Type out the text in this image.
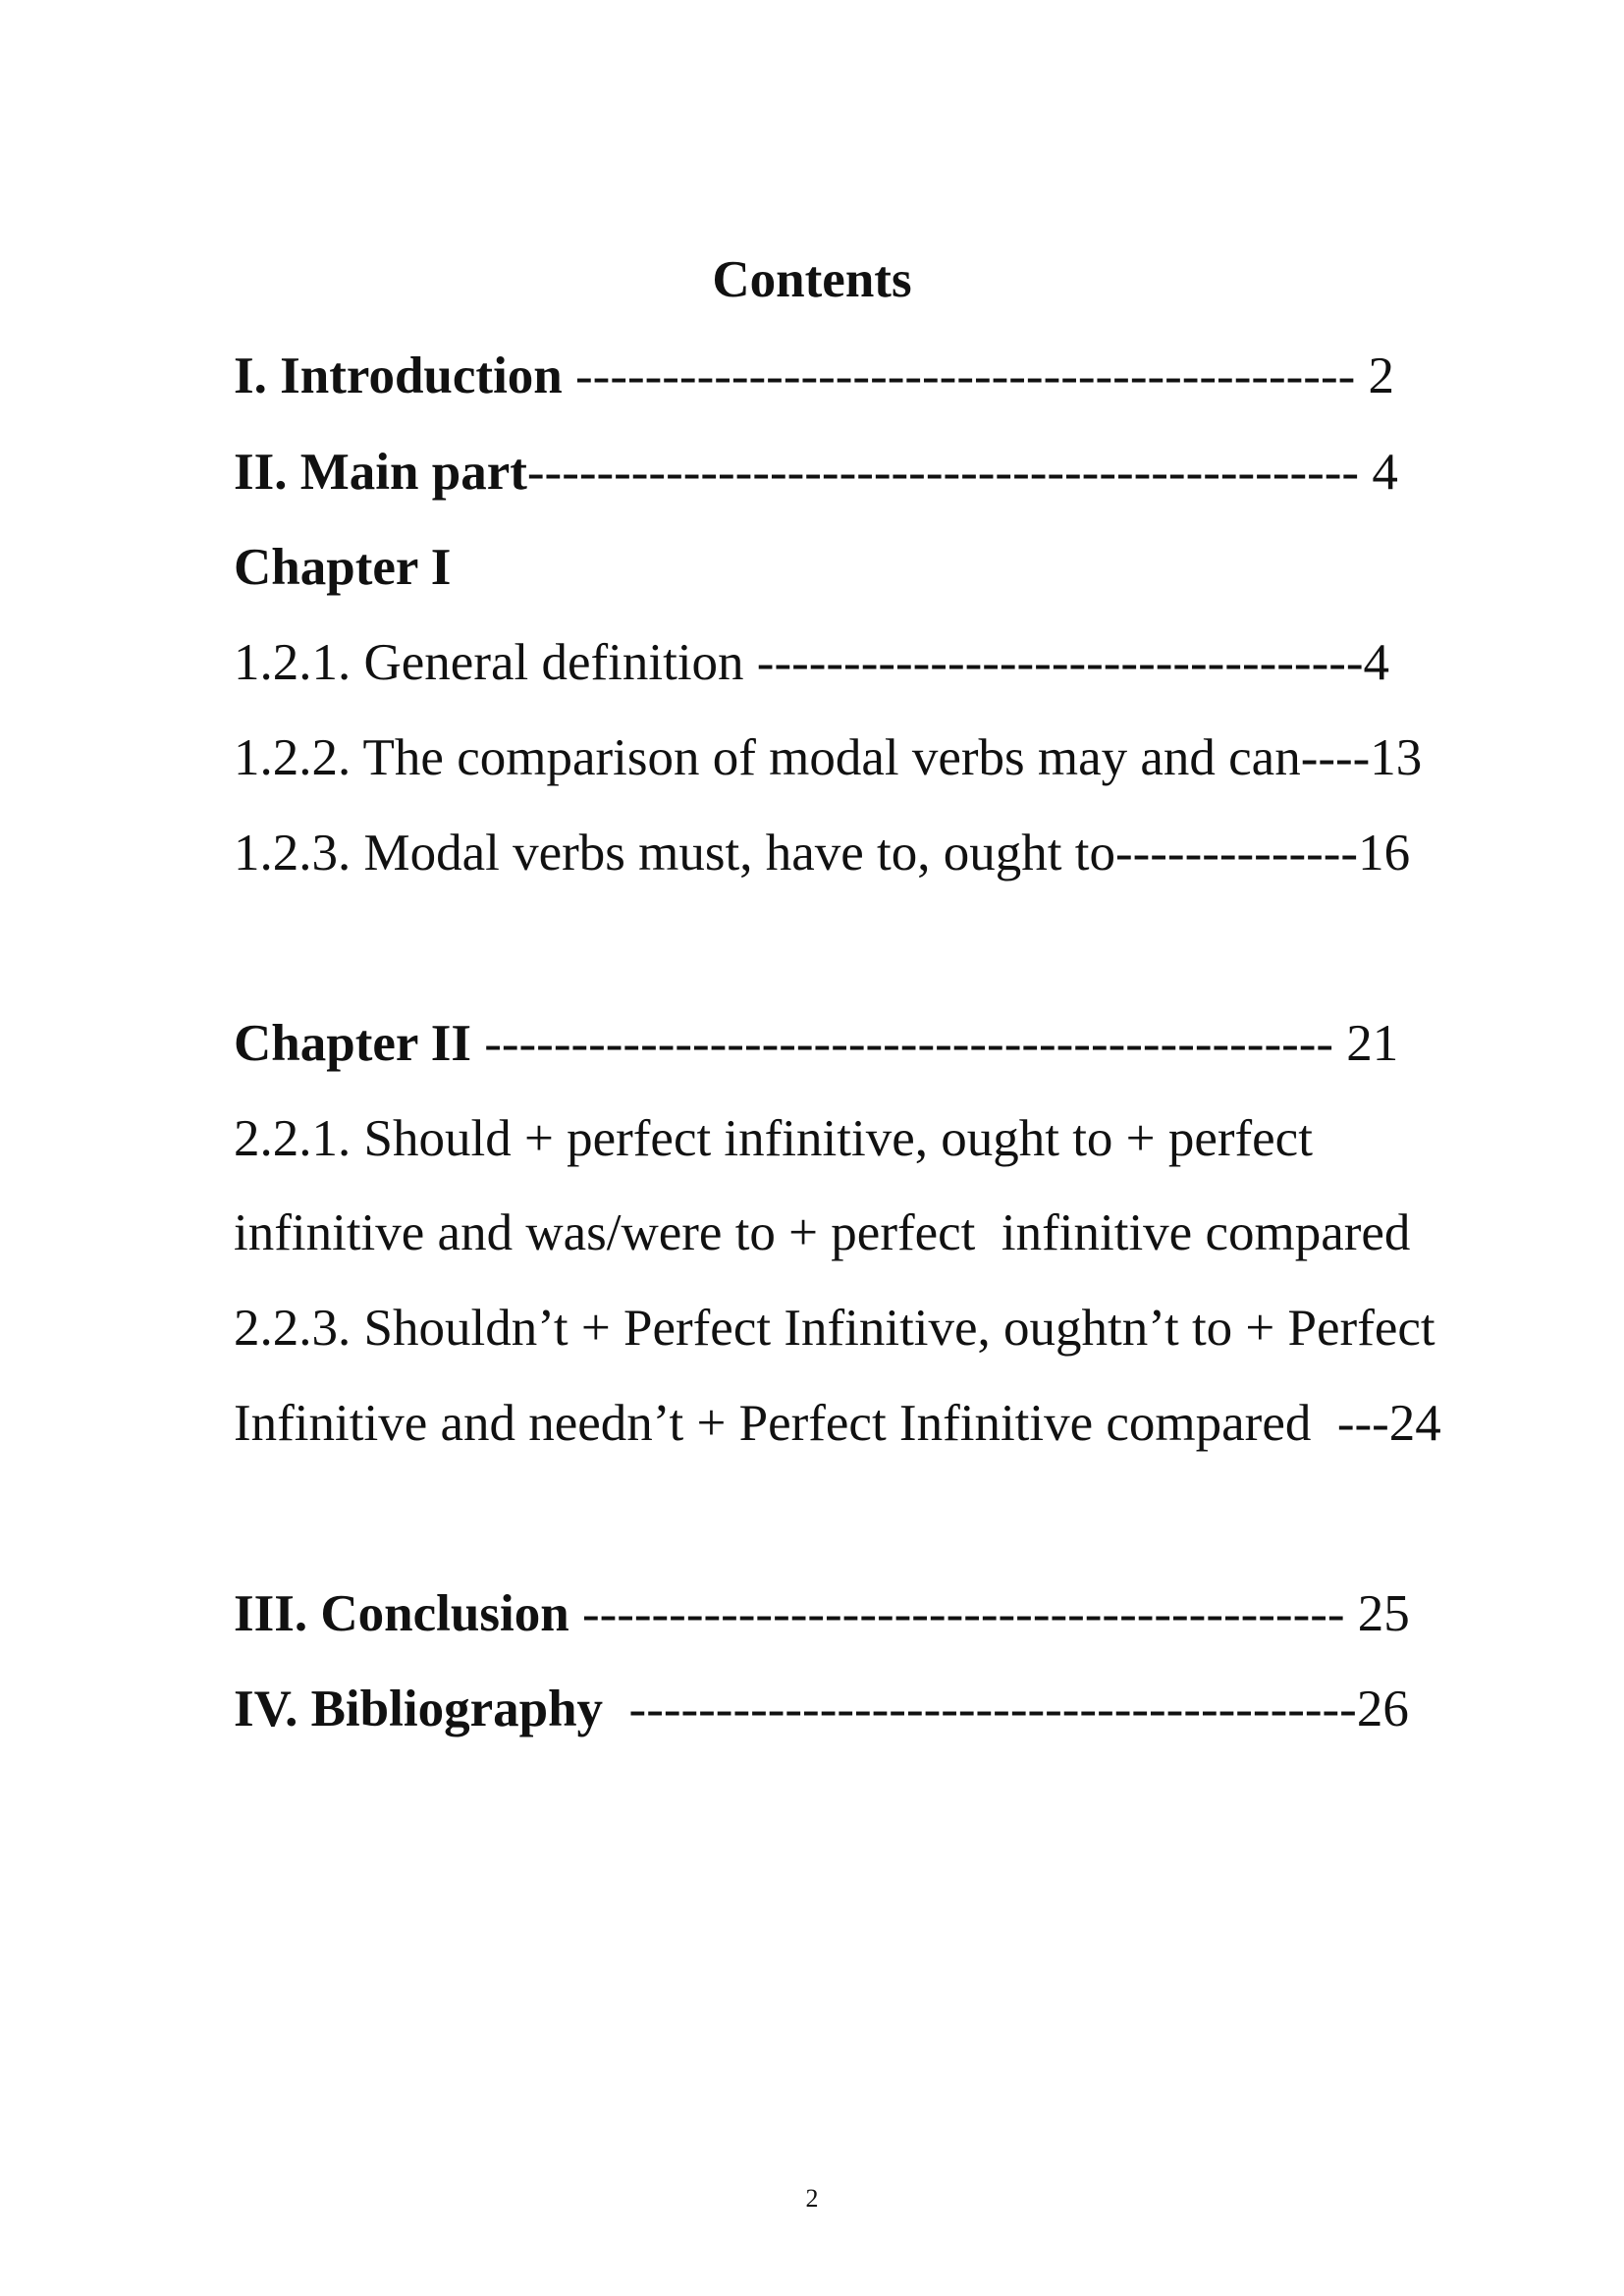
Contents

I. Introduction --------------------------------------------- 2

II. Main part------------------------------------------------ 4

Chapter I

1.2.1. General definition -----------------------------------4

1.2.2. The comparison of modal verbs may and can----13

1.2.3. Modal verbs must, have to, ought to--------------16

Chapter II ------------------------------------------------- 21

2.2.1. Should + perfect infinitive, ought to + perfect

infinitive and was/were to + perfect  infinitive compared

2.2.3. Shouldn’t + Perfect Infinitive, oughtn’t to + Perfect

Infinitive and needn’t + Perfect Infinitive compared  ---24

III. Conclusion -------------------------------------------- 25

IV. Bibliography  ------------------------------------------26

2
